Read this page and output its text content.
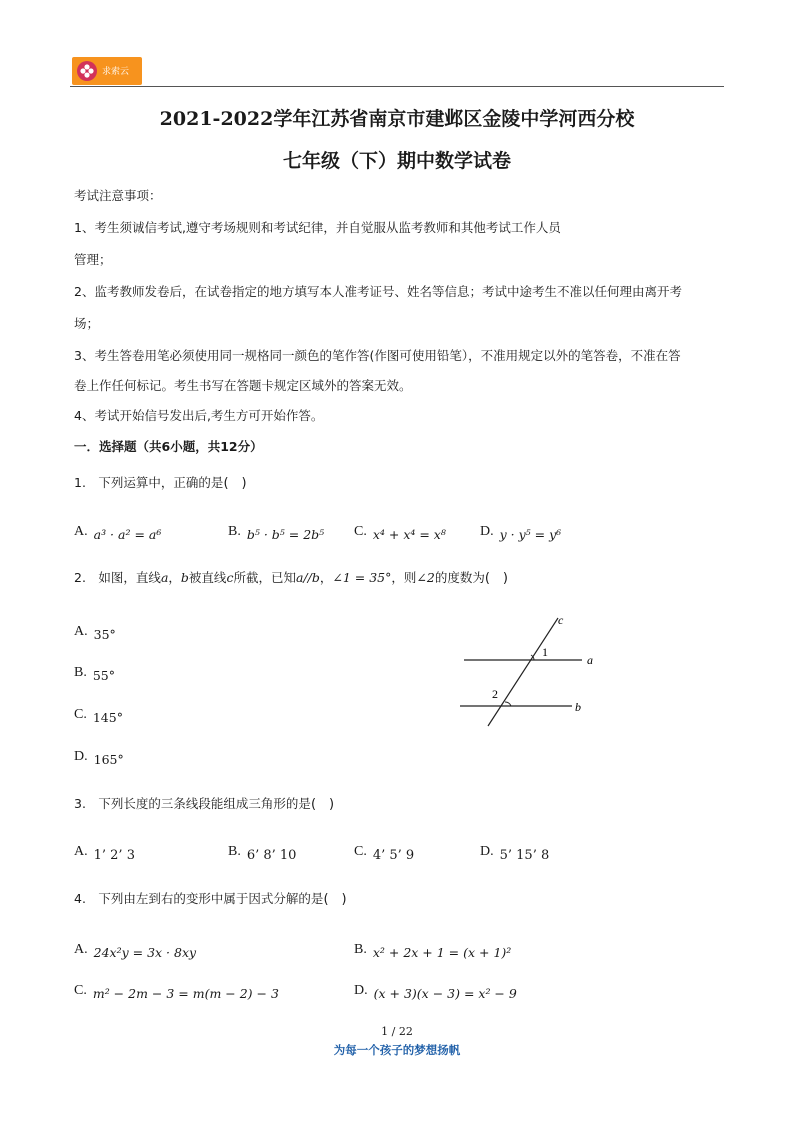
求索云
2021-2022学年江苏省南京市建邺区金陵中学河西分校
七年级（下）期中数学试卷
考试注意事项：
1、考生须诚信考试,遵守考场规则和考试纪律，并自觉服从监考教师和其他考试工作人员
管理；
2、监考教师发卷后，在试卷指定的地方填写本人准考证号、姓名等信息；考试中途考生不准以任何理由离开考
场；
3、考生答卷用笔必须使用同一规格同一颜色的笔作答(作图可使用铅笔），不准用规定以外的笔答卷，不准在答
卷上作任何标记。考生书写在答题卡规定区域外的答案无效。
4、考试开始信号发出后,考生方可开始作答。
一．选择题（共6小题，共12分）
1.　下列运算中，正确的是(　)
A. a³ · a² = a⁶	B. b⁵ · b⁵ = 2b⁵ C. x⁴ + x⁴ = x⁸ D. y · y⁵ = y⁶
2.　如图，直线a，b被直线c所截，已知a//b，∠1 = 35°，则∠2的度数为(　)
A. 35°
B. 55°
C. 145°
D. 165°
c
a
b
1
2
3.　下列长度的三条线段能组成三角形的是(　)
A. 1’ 2’ 3	B. 6’ 8’ 10	C. 4’ 5’ 9	D. 5’ 15’ 8
4.　下列由左到右的变形中属于因式分解的是(　)
A. 24x²y = 3x · 8xy	B. x² + 2x + 1 = (x + 1)²
C. m² − 2m − 3 = m(m − 2) − 3	D. (x + 3)(x − 3) = x² − 9
1 / 22
为每一个孩子的梦想扬帆
